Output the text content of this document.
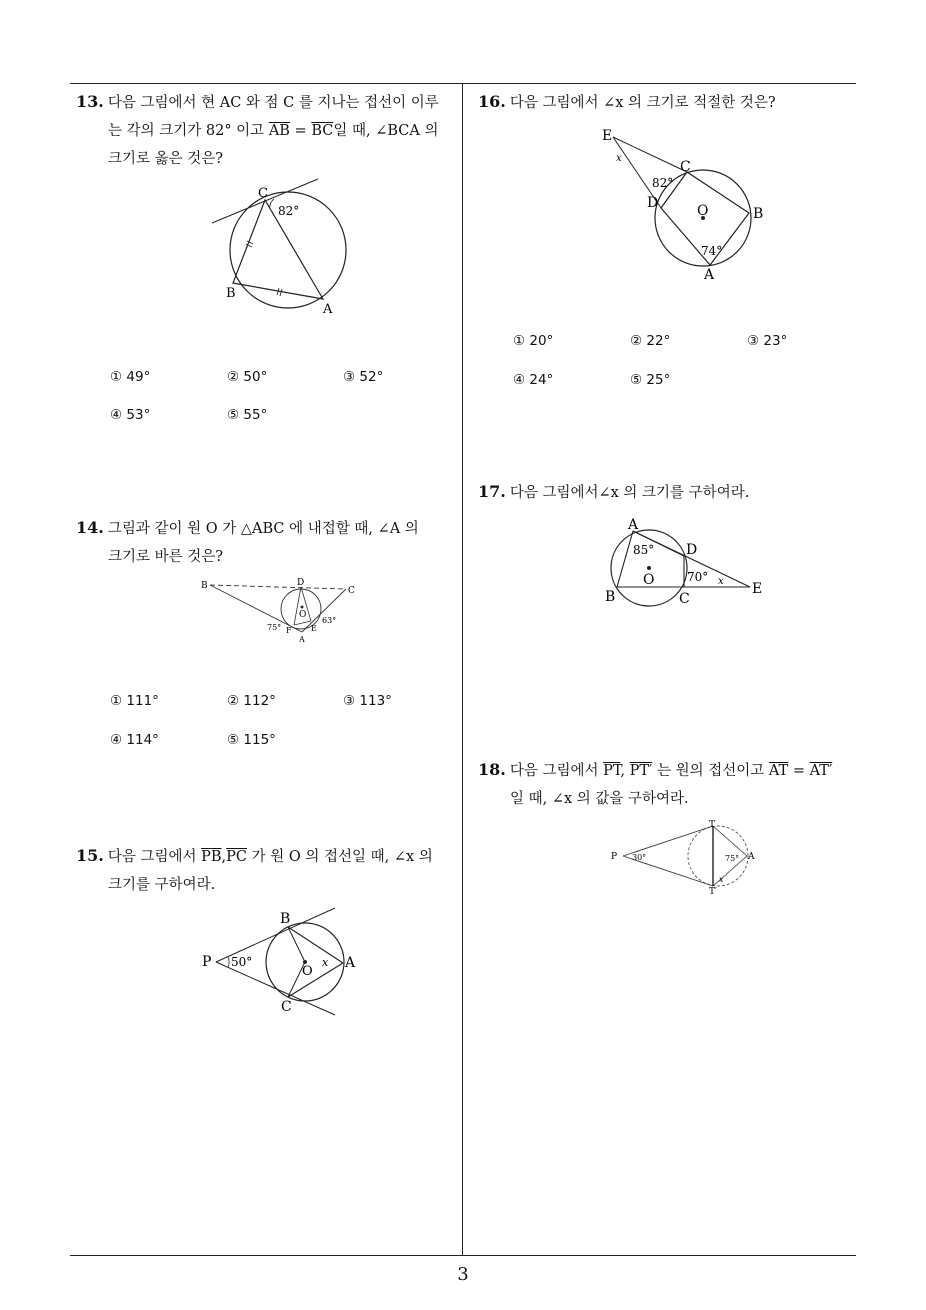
13. 다음 그림에서 현 AC 와 점 C 를 지나는 접선이 이루
는 각의 크기가 82° 이고 $\overline{AB} = \overline{BC}$일 때, ∠BCA 의
크기로 옳은 것은?
C
82°
B
A
① 49°	② 50°	③ 52°
④ 53°	⑤ 55°
14. 그림과 같이 원 O 가 △ABC 에 내접할 때, ∠A 의
크기로 바른 것은?
B	D
C
O
75° F E
63°
A
① 111°	② 112°	③ 113°
④ 114°	⑤ 115°
15. 다음 그림에서 $\overline{PB},\overline{PC}$ 가 원 O 의 접선일 때, ∠x 의
크기를 구하여라.
B
P 50°
O
x A
C
16. 다음 그림에서 ∠x 의 크기로 적절한 것은?
E
x
C
82°
D	O	B
74°
A
① 20°	② 22°	③ 23°
④ 24°	⑤ 25°
17. 다음 그림에서∠x 의 크기를 구하여라.
A
85° D
O	70° x
B	C
E
18. 다음 그림에서 $\overline{PT}$, PT′ 는 원의 접선이고 $\overline{AT} = AT'$
일 때, ∠x 의 값을 구하여라.
T
P 30°	75° A
x
T′
3
